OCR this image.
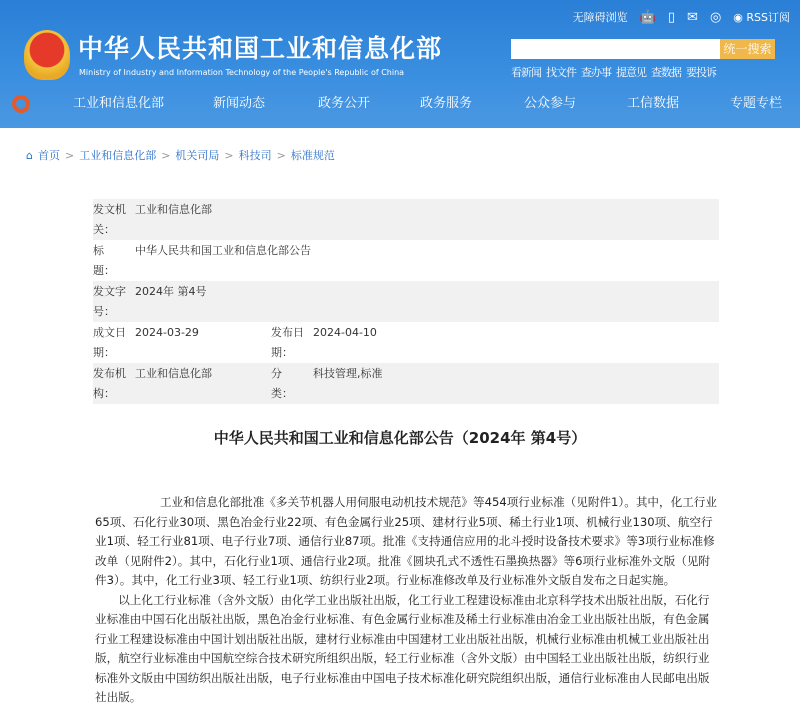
中华人民共和国工业和信息化部
Ministry of Industry and Information Technology of the People's Republic of China
无障碍浏览 🤖 ▯ ✉ ◎ ◉ RSS订阅
统一搜索
看新闻 找文件 查办事 提意见 查数据 要投诉
工业和信息化部	新闻动态	政务公开	政务服务	公众参与	工信数据	专题专栏
⌂ 首页 > 工业和信息化部 > 机关司局 > 科技司 > 标准规范
发文机关：
工业和信息化部
标　　题：
中华人民共和国工业和信息化部公告
发文字号：
2024年 第4号
成文日期：
2024-03-29	发布日期：
2024-04-10
发布机构：
工业和信息化部	分　　类：
科技管理,标准
中华人民共和国工业和信息化部公告（2024年 第4号）

工业和信息化部批准《多关节机器人用伺服电动机技术规范》等454项行业标准（见附件1）。其中，化工行业65项、石化行业30项、黑色冶金行业22项、有色金属行业25项、建材行业5项、稀土行业1项、机械行业130项、航空行业1项、轻工行业81项、电子行业7项、通信行业87项。批准《支持通信应用的北斗授时设备技术要求》等3项行业标准修改单（见附件2）。其中，石化行业1项、通信行业2项。批准《圆块孔式不透性石墨换热器》等6项行业标准外文版（见附件3）。其中，化工行业3项、轻工行业1项、纺织行业2项。行业标准修改单及行业标准外文版自发布之日起实施。

以上化工行业标准（含外文版）由化学工业出版社出版，化工行业工程建设标准由北京科学技术出版社出版，石化行业标准由中国石化出版社出版，黑色冶金行业标准、有色金属行业标准及稀土行业标准由冶金工业出版社出版，有色金属行业工程建设标准由中国计划出版社出版，建材行业标准由中国建材工业出版社出版，机械行业标准由机械工业出版社出版，航空行业标准由中国航空综合技术研究所组织出版，轻工行业标准（含外文版）由中国轻工业出版社出版，纺织行业标准外文版由中国纺织出版社出版，电子行业标准由中国电子技术标准化研究院组织出版，通信行业标准由人民邮电出版社出版。
